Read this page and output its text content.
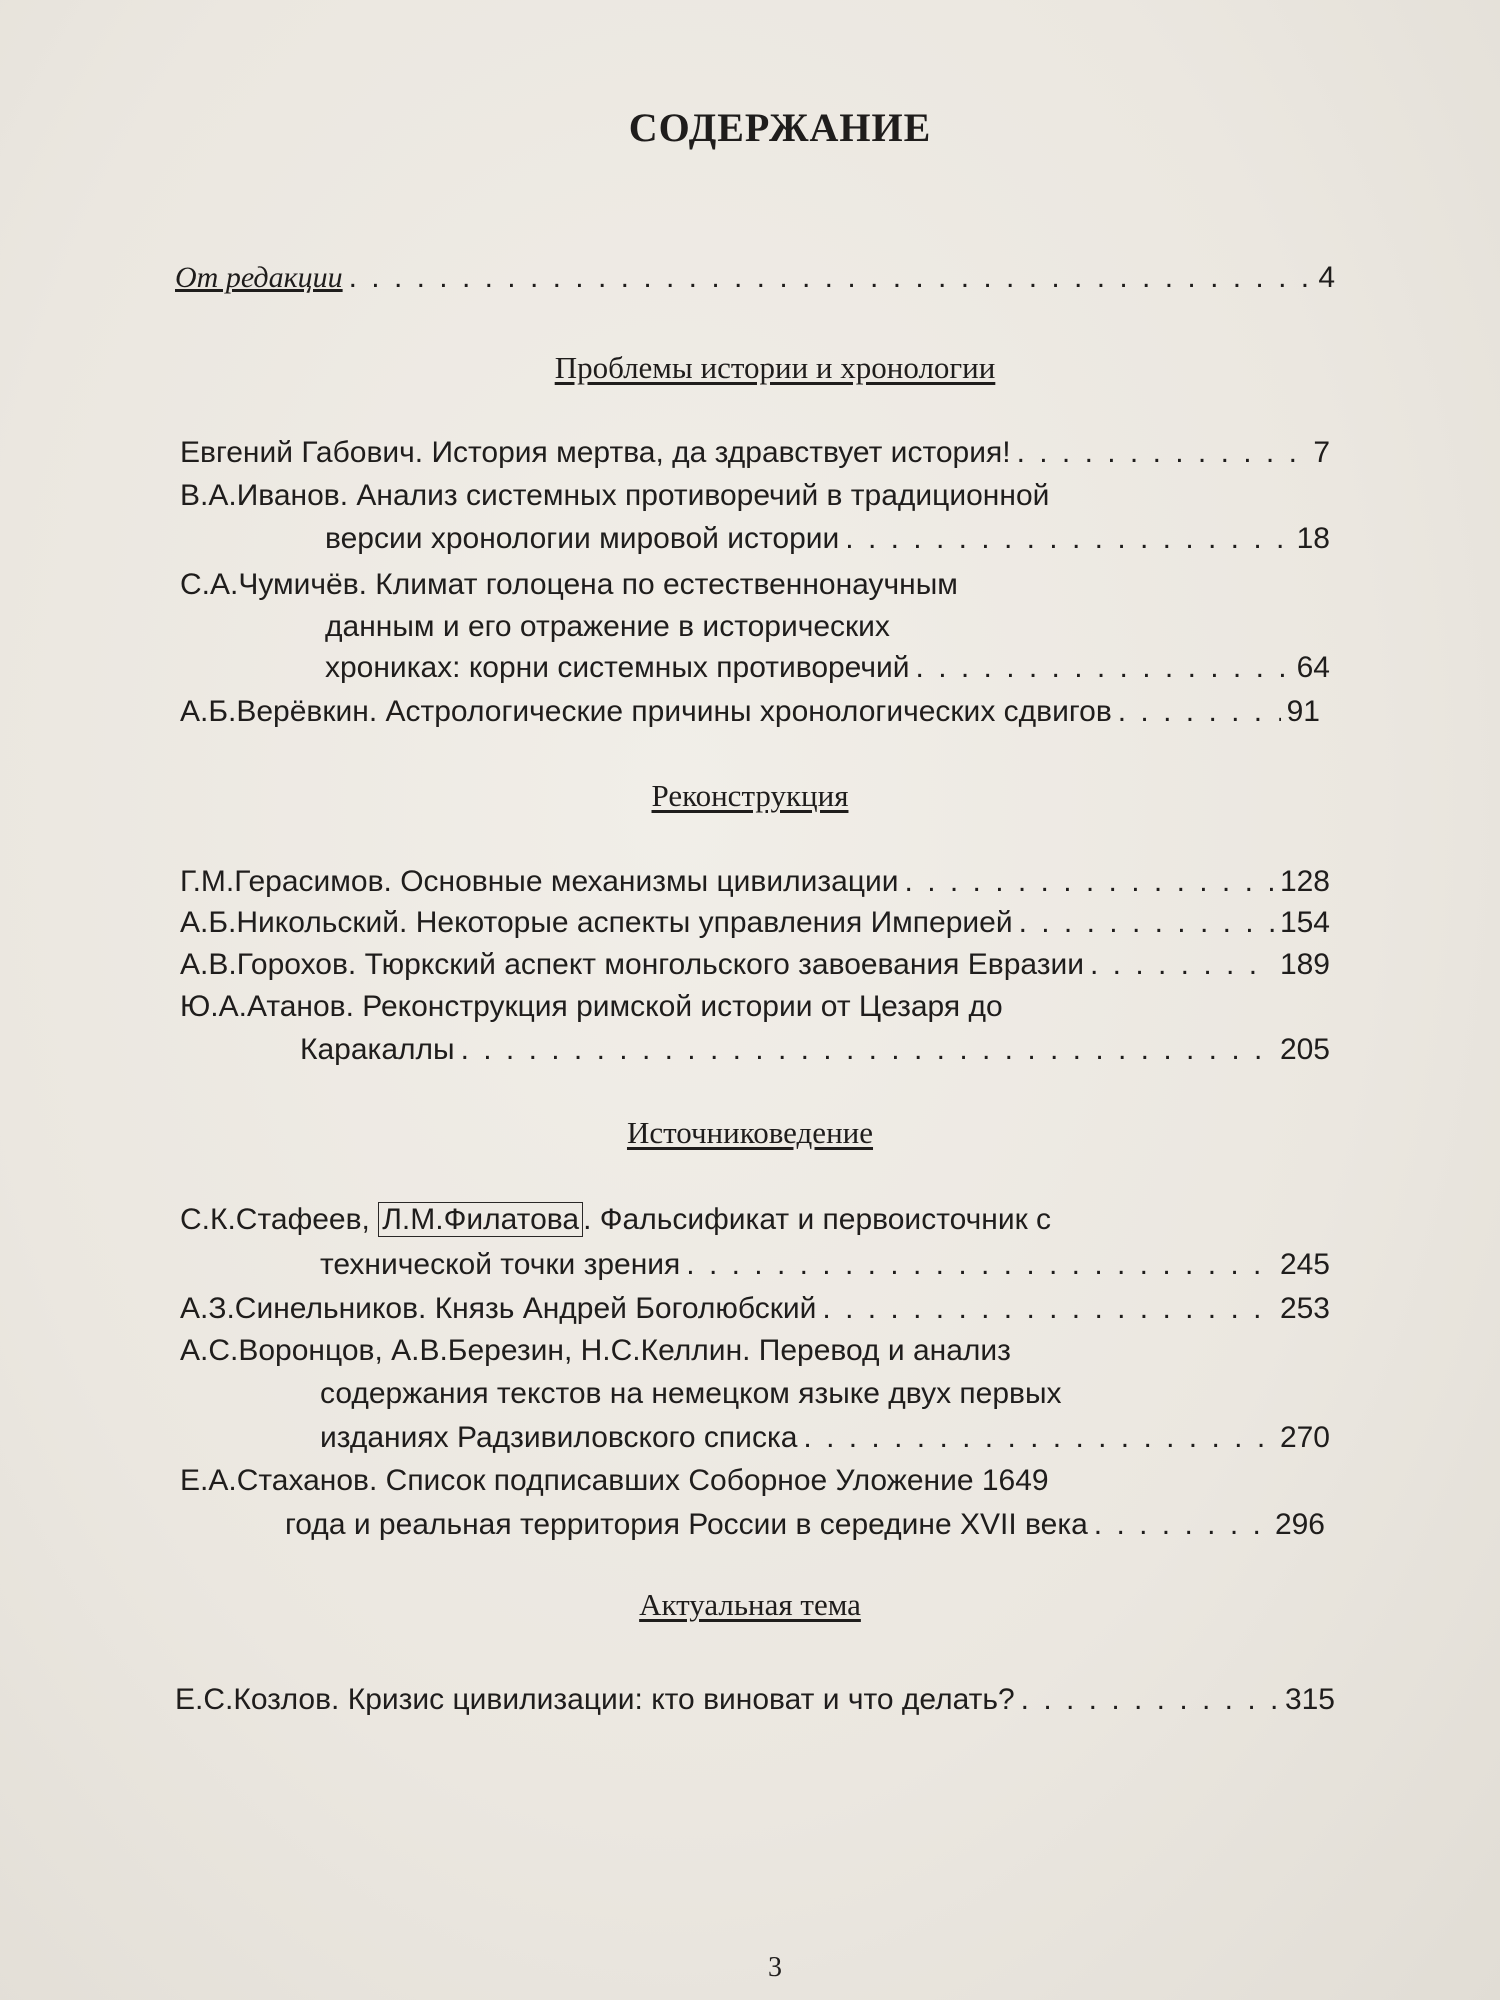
СОДЕРЖАНИЕ
От редакции . . .	4
Проблемы истории и хронологии
Евгений Габович. История мертва, да здравствует история! . . .	7
В.А.Иванов. Анализ системных противоречий в традиционной
версии хронологии мировой истории . . .	18
С.А.Чумичёв. Климат голоцена по естественнонаучным
данным и его отражение в исторических
хрониках: корни системных противоречий . . .	64
А.Б.Верёвкин. Астрологические причины хронологических сдвигов . . .	91
Реконструкция
Г.М.Герасимов. Основные механизмы цивилизации . . .	128
А.Б.Никольский. Некоторые аспекты управления Империей . . .	154
А.В.Горохов. Тюркский аспект монгольского завоевания Евразии . . .	189
Ю.А.Атанов. Реконструкция римской истории от Цезаря до
Каракаллы . . .	205
Источниковедение
С.К.Стафеев, Л.М.Филатова . Фальсификат и первоисточник с
технической точки зрения . . .	245
А.З.Синельников. Князь Андрей Боголюбский . . .	253
А.С.Воронцов, А.В.Березин, Н.С.Келлин. Перевод и анализ
содержания текстов на немецком языке двух первых
изданиях Радзивиловского списка . . .	270
Е.А.Стаханов. Список подписавших Соборное Уложение 1649
года и реальная территория России в середине XVII века . . .	296
Актуальная тема
Е.С.Козлов. Кризис цивилизации: кто виноват и что делать? . . .	315
3
